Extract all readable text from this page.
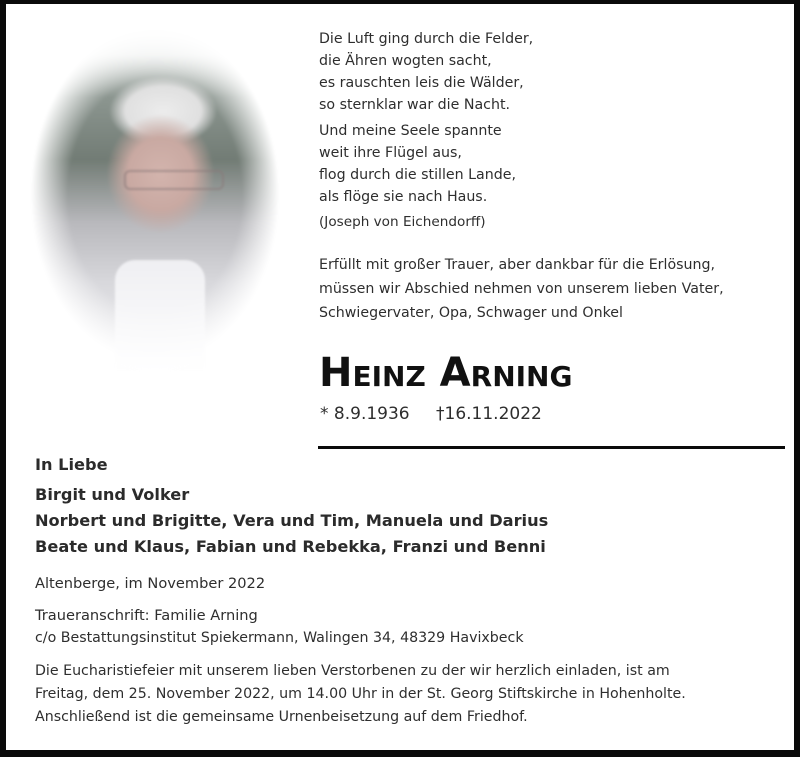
Die Luft ging durch die Felder,
die Ähren wogten sacht,
es rauschten leis die Wälder,
so sternklar war die Nacht.
Und meine Seele spannte
weit ihre Flügel aus,
flog durch die stillen Lande,
als flöge sie nach Haus.
(Joseph von Eichendorff)
Erfüllt mit großer Trauer, aber dankbar für die Erlösung,
müssen wir Abschied nehmen von unserem lieben Vater,
Schwiegervater, Opa, Schwager und Onkel
Heinz Arning
* 8.9.1936 †16.11.2022
In Liebe
Birgit und Volker
Norbert und Brigitte, Vera und Tim, Manuela und Darius
Beate und Klaus, Fabian und Rebekka, Franzi und Benni
Altenberge, im November 2022
Traueranschrift: Familie Arning
c/o Bestattungsinstitut Spiekermann, Walingen 34, 48329 Havixbeck
Die Eucharistiefeier mit unserem lieben Verstorbenen zu der wir herzlich einladen, ist am
Freitag, dem 25. November 2022, um 14.00 Uhr in der St. Georg Stiftskirche in Hohenholte.
Anschließend ist die gemeinsame Urnenbeisetzung auf dem Friedhof.
